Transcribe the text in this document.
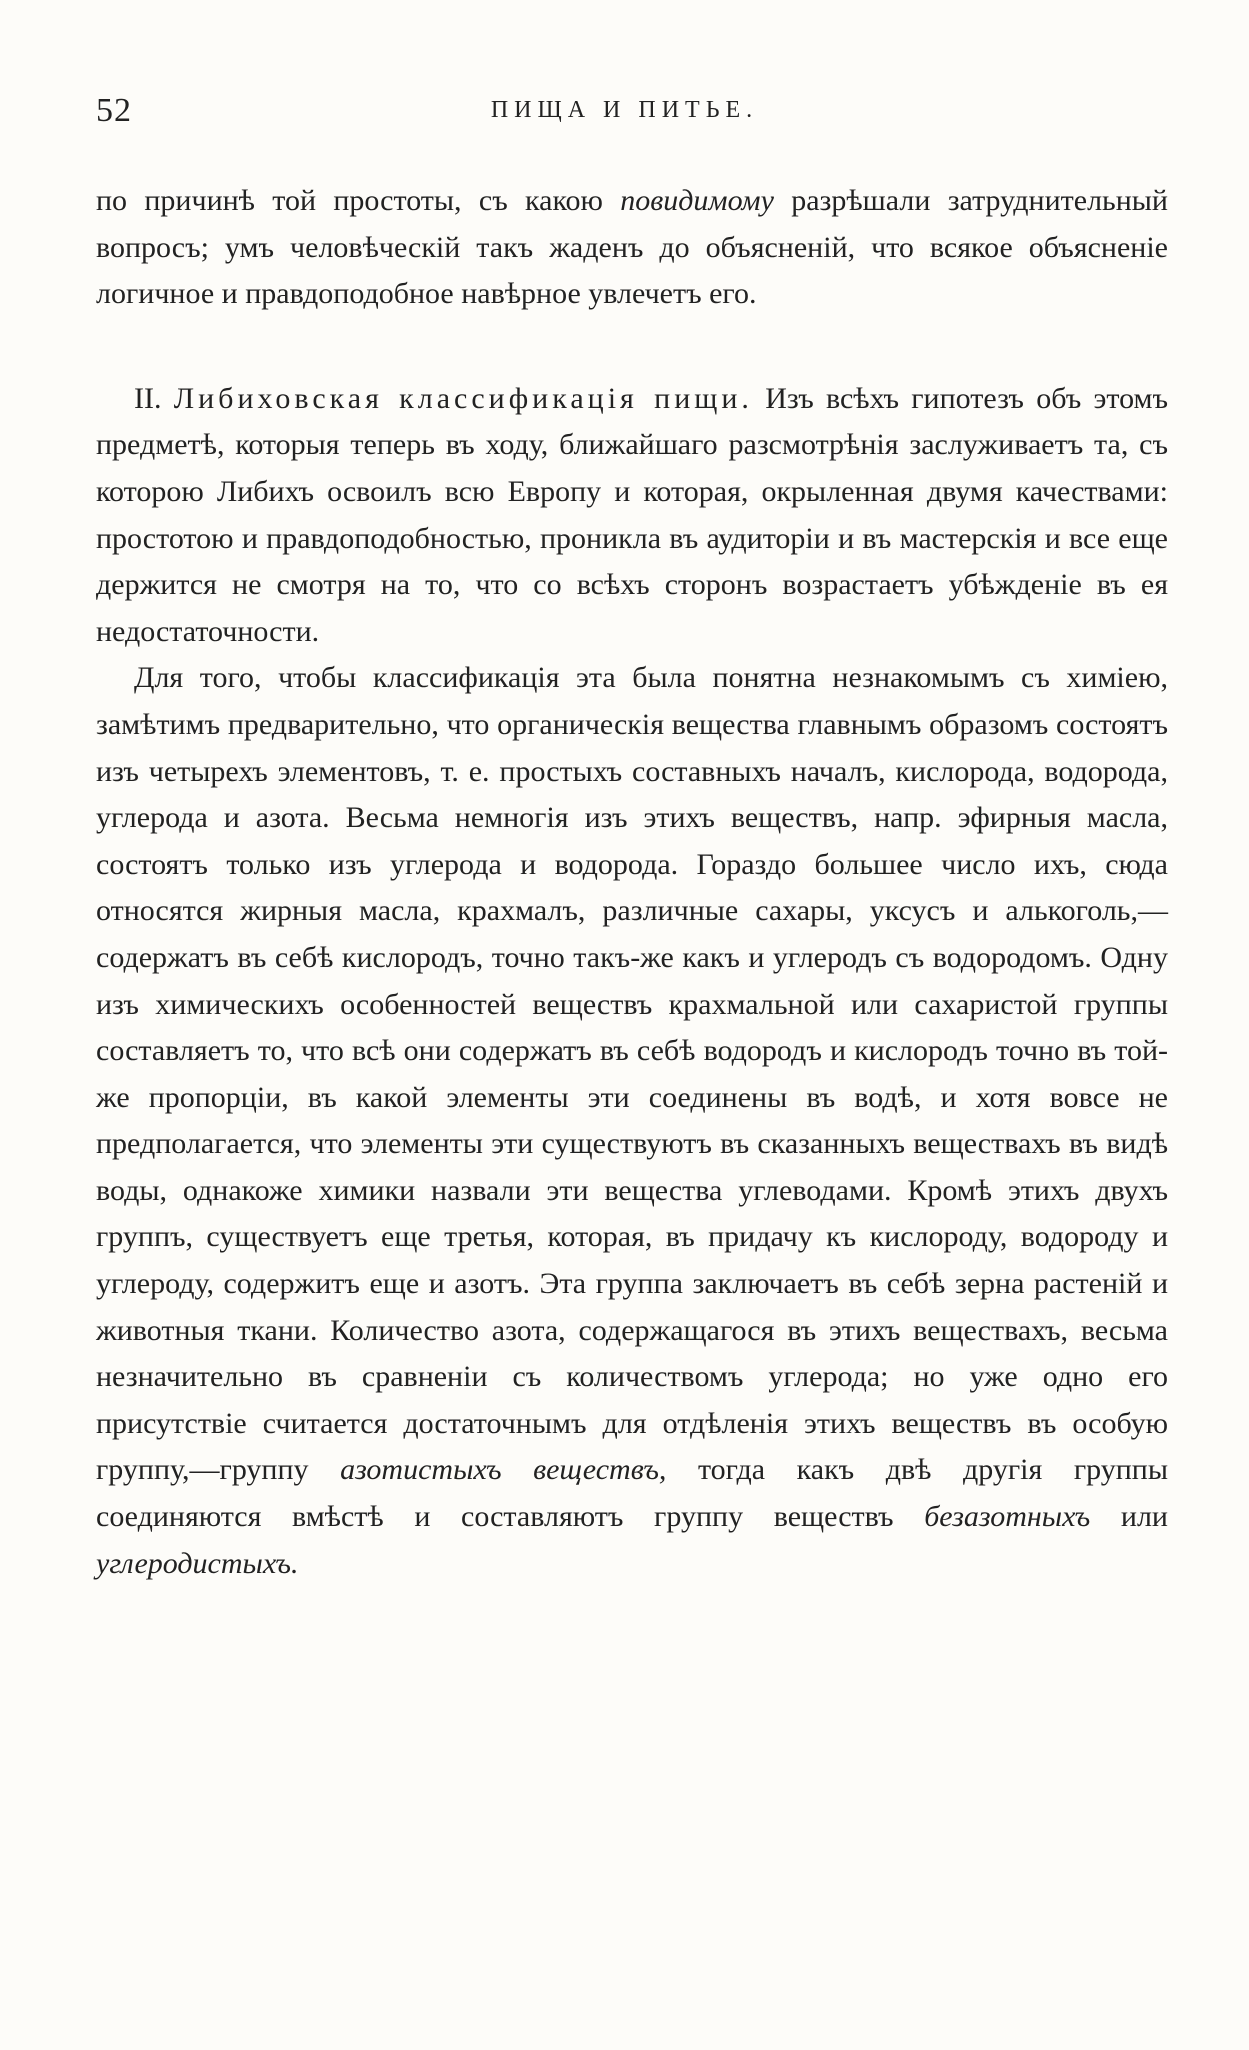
52	ПИЩА И ПИТЬЕ.

по причинѣ той простоты, съ какою повидимому разрѣшали затруднительный вопросъ; умъ человѣческій такъ жаденъ до объясненій, что всякое объясненіе логичное и правдоподобное навѣрное увлечетъ его.

II. Либиховская классификація пищи. Изъ всѣхъ гипотезъ объ этомъ предметѣ, которыя теперь въ ходу, ближайшаго разсмотрѣнія заслуживаетъ та, съ которою Либихъ освоилъ всю Европу и которая, окрыленная двумя качествами: простотою и правдоподобностью, проникла въ аудиторіи и въ мастерскія и все еще держится не смотря на то, что со всѣхъ сторонъ возрастаетъ убѣжденіе въ ея недостаточности.

Для того, чтобы классификація эта была понятна незнакомымъ съ химіею, замѣтимъ предварительно, что органическія вещества главнымъ образомъ состоятъ изъ четырехъ элементовъ, т. е. простыхъ составныхъ началъ, кислорода, водорода, углерода и азота. Весьма немногія изъ этихъ веществъ, напр. эфирныя масла, состоятъ только изъ углерода и водорода. Гораздо большее число ихъ, сюда относятся жирныя масла, крахмалъ, различные сахары, уксусъ и алькоголь,—содержатъ въ себѣ кислородъ, точно такъ-же какъ и углеродъ съ водородомъ. Одну изъ химическихъ особенностей веществъ крахмальной или сахаристой группы составляетъ то, что всѣ они содержатъ въ себѣ водородъ и кислородъ точно въ той-же пропорціи, въ какой элементы эти соединены въ водѣ, и хотя вовсе не предполагается, что элементы эти существуютъ въ сказанныхъ веществахъ въ видѣ воды, однакоже химики назвали эти вещества углеводами. Кромѣ этихъ двухъ группъ, существуетъ еще третья, которая, въ придачу къ кислороду, водороду и углероду, содержитъ еще и азотъ. Эта группа заключаетъ въ себѣ зерна растеній и животныя ткани. Количество азота, содержащагося въ этихъ веществахъ, весьма незначительно въ сравненіи съ количествомъ углерода; но уже одно его присутствіе считается достаточнымъ для отдѣленія этихъ веществъ въ особую группу,—группу азотистыхъ веществъ, тогда какъ двѣ другія группы соединяются вмѣстѣ и составляютъ группу веществъ безазотныхъ или углеродистыхъ.
